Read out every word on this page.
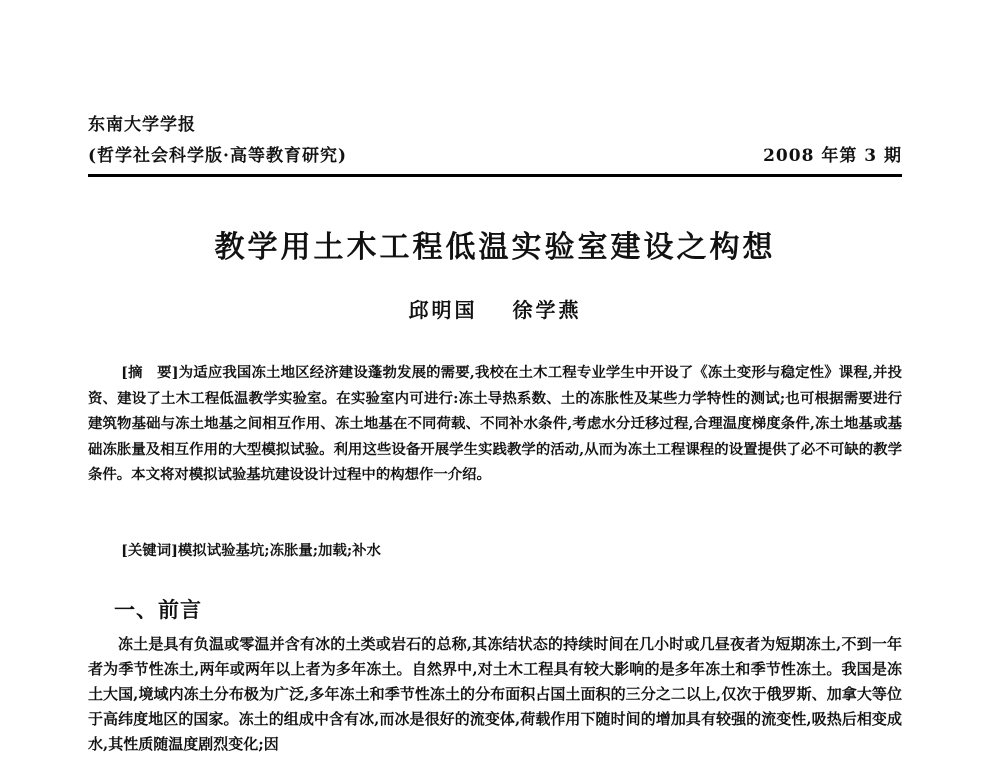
东南大学学报
(哲学社会科学版·高等教育研究)	2008 年第 3 期
教学用土木工程低温实验室建设之构想
邱明国 徐学燕
[摘　要]为适应我国冻土地区经济建设蓬勃发展的需要,我校在土木工程专业学生中开设了《冻土变形与稳定性》课程,并投资、建设了土木工程低温教学实验室。在实验室内可进行:冻土导热系数、土的冻胀性及某些力学特性的测试;也可根据需要进行建筑物基础与冻土地基之间相互作用、冻土地基在不同荷载、不同补水条件,考虑水分迁移过程,合理温度梯度条件,冻土地基或基础冻胀量及相互作用的大型模拟试验。利用这些设备开展学生实践教学的活动,从而为冻土工程课程的设置提供了必不可缺的教学条件。本文将对模拟试验基坑建设设计过程中的构想作一介绍。
[关键词]模拟试验基坑;冻胀量;加载;补水
一、前言
冻土是具有负温或零温并含有冰的土类或岩石的总称,其冻结状态的持续时间在几小时或几昼夜者为短期冻土,不到一年者为季节性冻土,两年或两年以上者为多年冻土。自然界中,对土木工程具有较大影响的是多年冻土和季节性冻土。我国是冻土大国,境域内冻土分布极为广泛,多年冻土和季节性冻土的分布面积占国土面积的三分之二以上,仅次于俄罗斯、加拿大等位于高纬度地区的国家。冻土的组成中含有冰,而冰是很好的流变体,荷载作用下随时间的增加具有较强的流变性,吸热后相变成水,其性质随温度剧烈变化;因
